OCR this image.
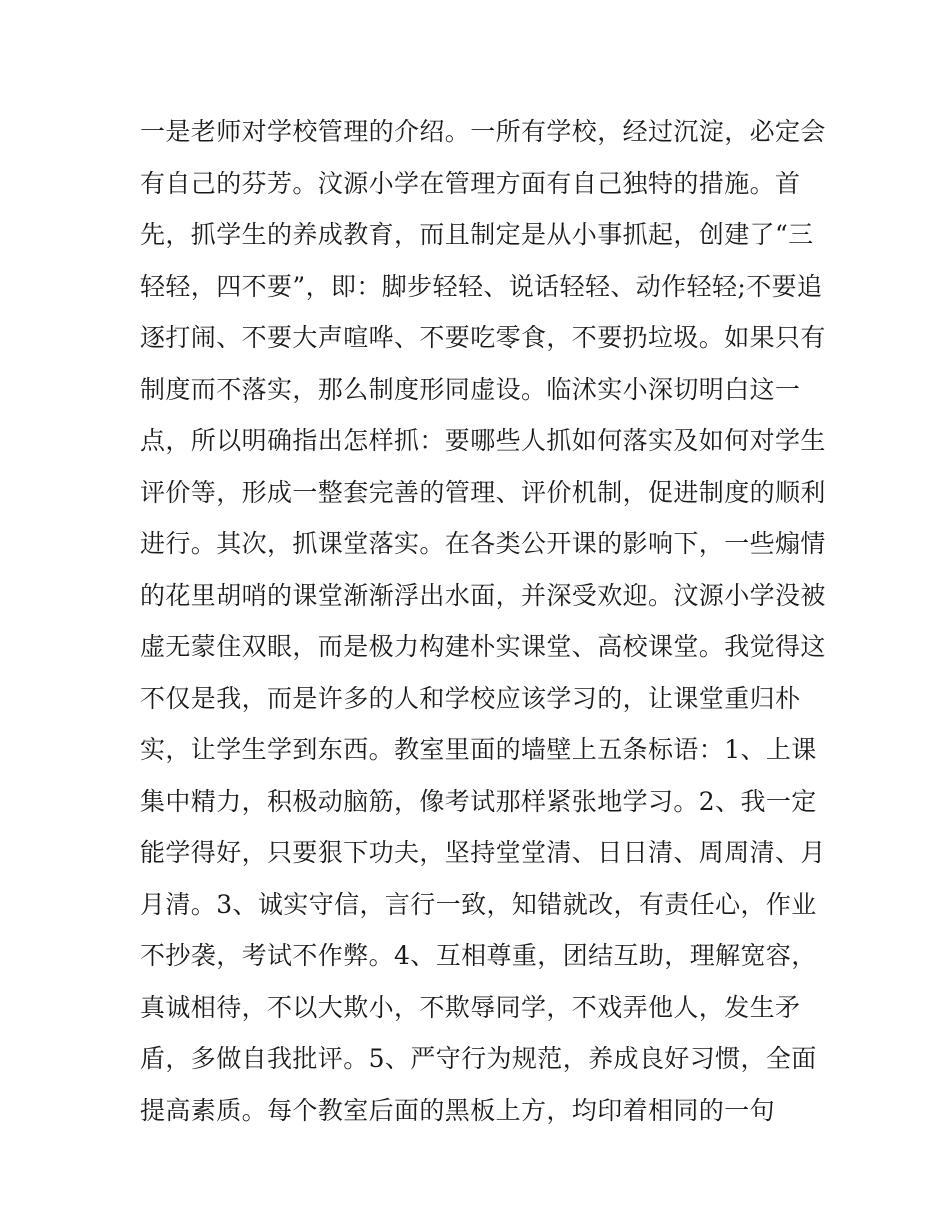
一是老师对学校管理的介绍。一所有学校，经过沉淀，必定会
有自己的芬芳。汶源小学在管理方面有自己独特的措施。首
先，抓学生的养成教育，而且制定是从小事抓起，创建了“三
轻轻，四不要”，即：脚步轻轻、说话轻轻、动作轻轻;不要追
逐打闹、不要大声喧哗、不要吃零食，不要扔垃圾。如果只有
制度而不落实，那么制度形同虚设。临沭实小深切明白这一
点，所以明确指出怎样抓：要哪些人抓如何落实及如何对学生
评价等，形成一整套完善的管理、评价机制，促进制度的顺利
进行。其次，抓课堂落实。在各类公开课的影响下，一些煽情
的花里胡哨的课堂渐渐浮出水面，并深受欢迎。汶源小学没被
虚无蒙住双眼，而是极力构建朴实课堂、高校课堂。我觉得这
不仅是我，而是许多的人和学校应该学习的，让课堂重归朴
实，让学生学到东西。教室里面的墙壁上五条标语：1、上课
集中精力，积极动脑筋，像考试那样紧张地学习。2、我一定
能学得好，只要狠下功夫，坚持堂堂清、日日清、周周清、月
月清。3、诚实守信，言行一致，知错就改，有责任心，作业
不抄袭，考试不作弊。4、互相尊重，团结互助，理解宽容，
真诚相待，不以大欺小，不欺辱同学，不戏弄他人，发生矛
盾，多做自我批评。5、严守行为规范，养成良好习惯，全面
提高素质。每个教室后面的黑板上方，均印着相同的一句
